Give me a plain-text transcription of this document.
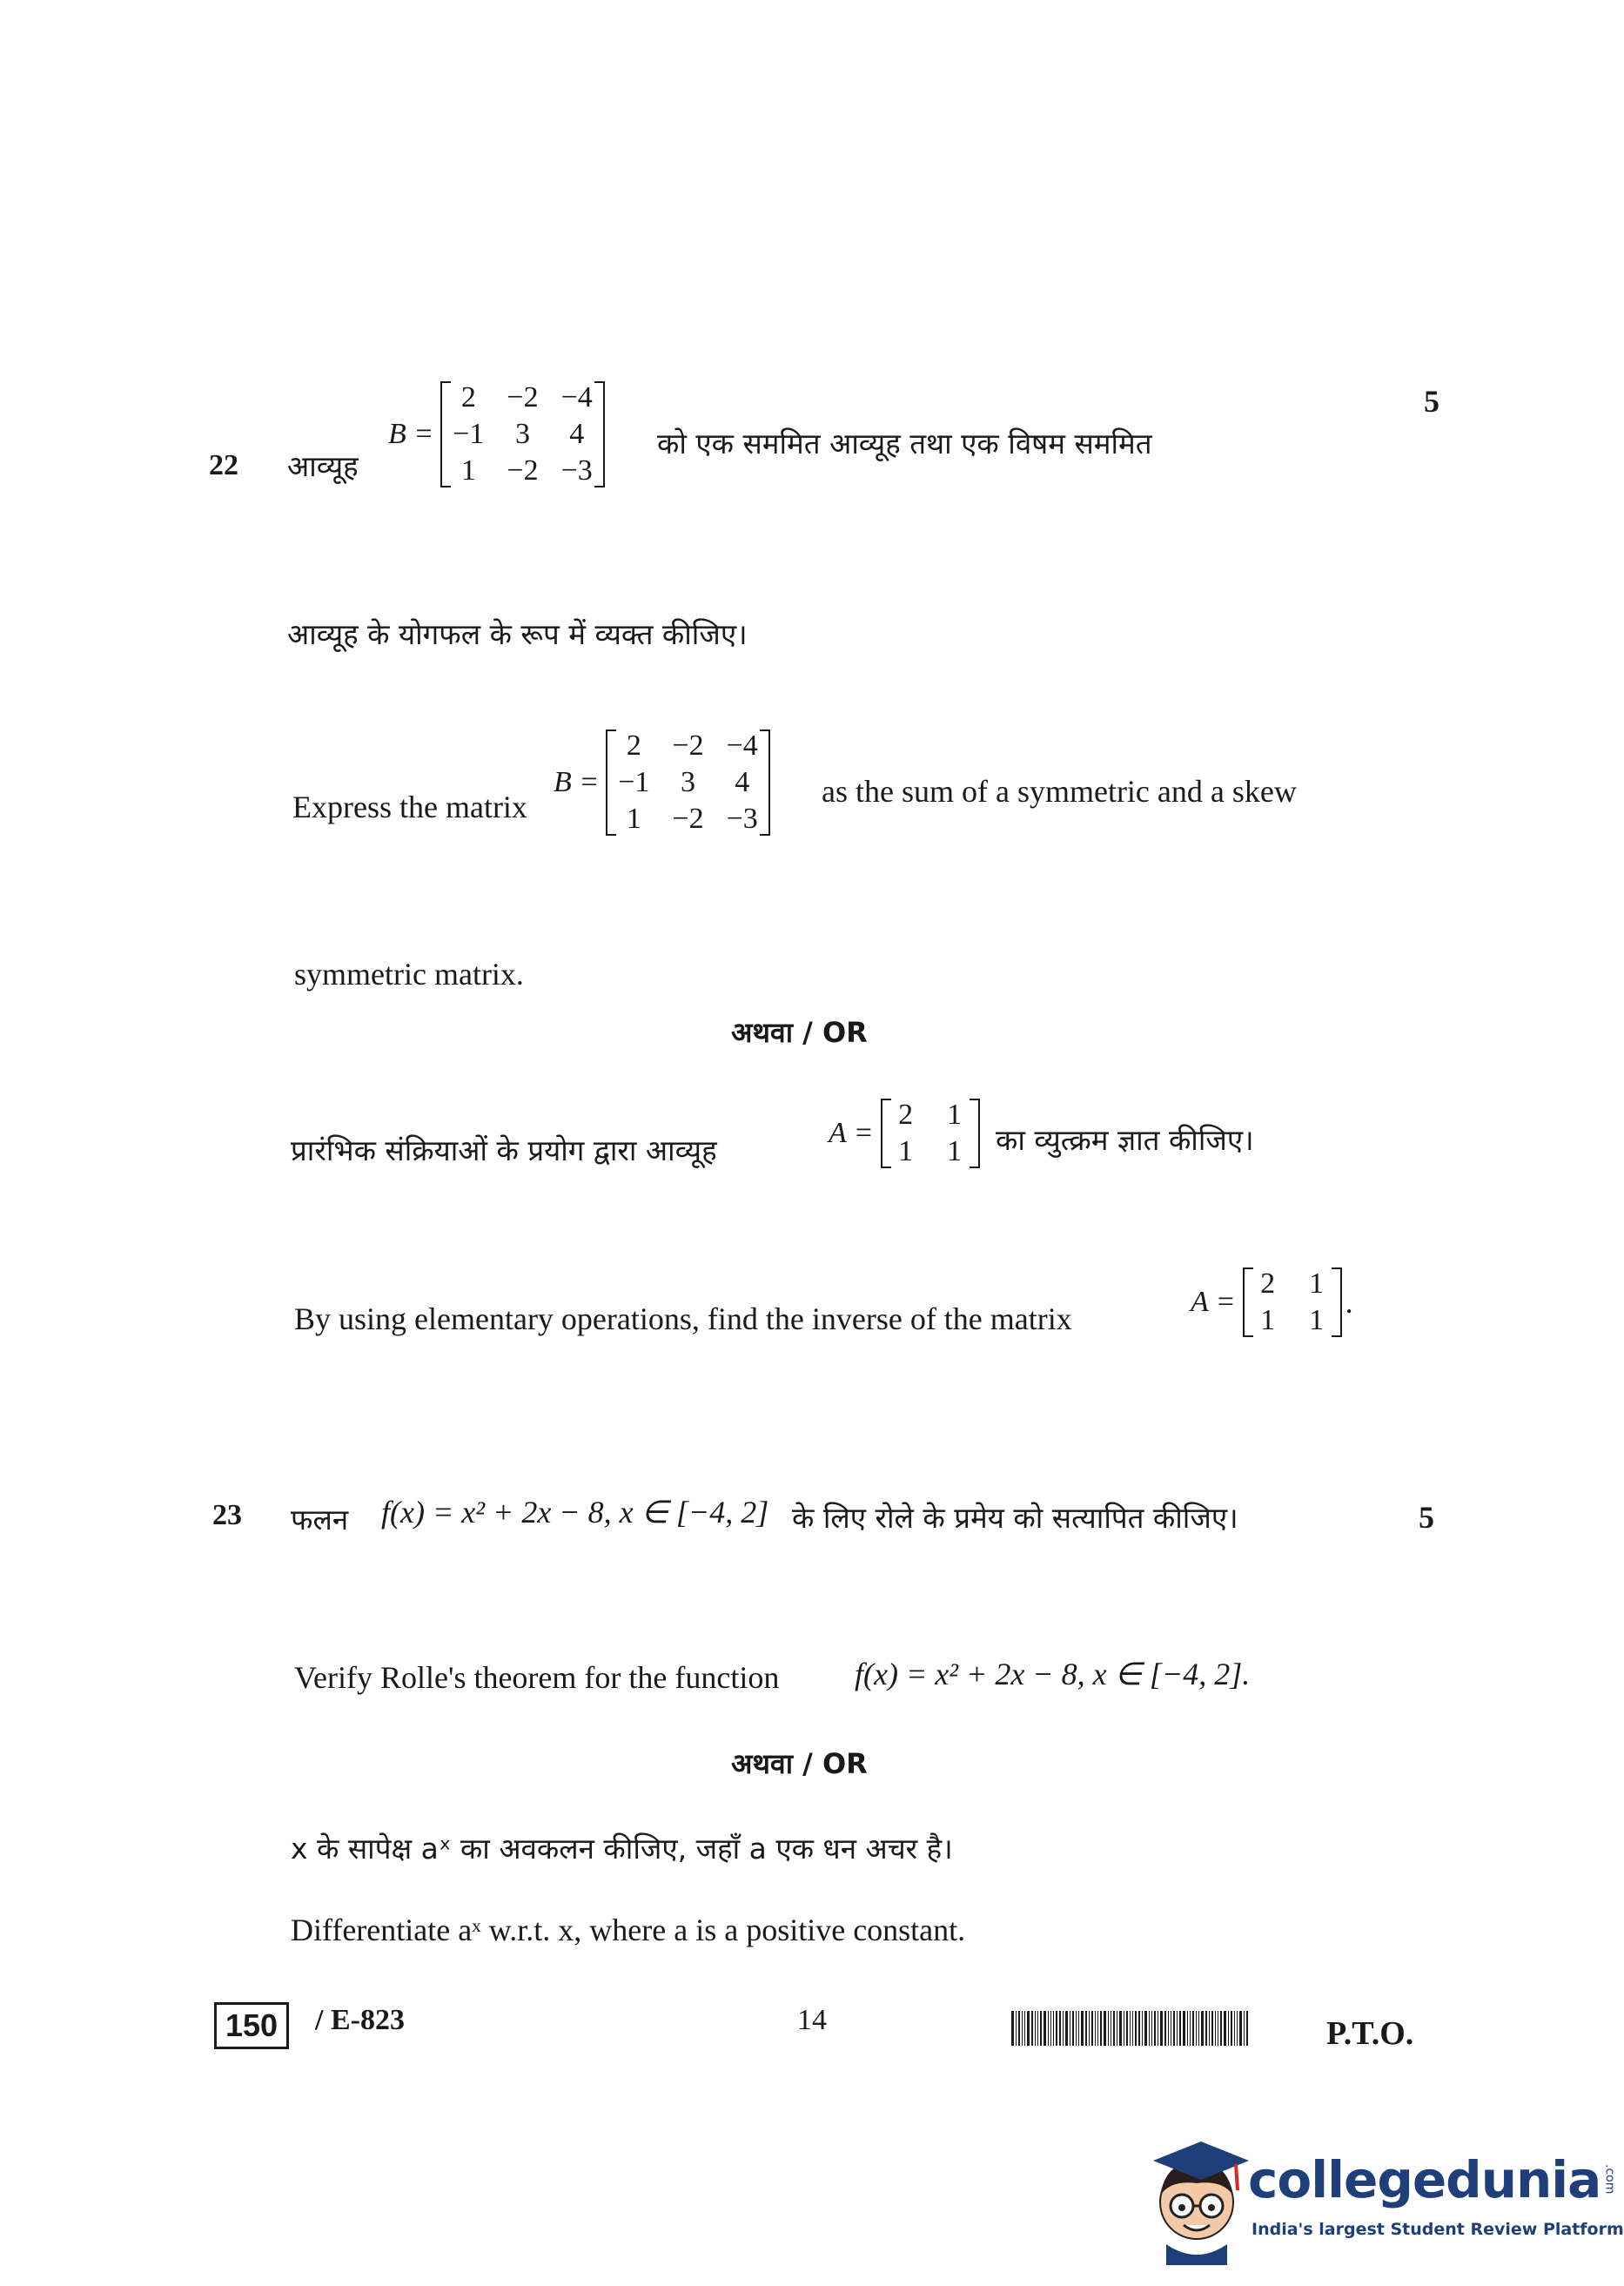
22
5
आव्यूह
B =
2 −2 −4
−1 3 4
1 −2 −3
को एक सममित आव्यूह तथा एक विषम सममित
आव्यूह के योगफल के रूप में व्यक्त कीजिए।
Express the matrix
B =
2 −2 −4
−1 3 4
1 −2 −3
as the sum of a symmetric and a skew
symmetric matrix.
अथवा / OR
प्रारंभिक संक्रियाओं के प्रयोग द्वारा आव्यूह
A =
2 1
1 1 का व्युत्क्रम ज्ञात कीजिए।
By using elementary operations, find the inverse of the matrix	A =
2 1
1 1
.
23	5
फलन f(x) = x² + 2x − 8, x ∈ [−4, 2] के लिए रोले के प्रमेय को सत्यापित कीजिए।
Verify Rolle's theorem for the function f(x) = x² + 2x − 8, x ∈ [−4, 2].
अथवा / OR
x के सापेक्ष aˣ का अवकलन कीजिए, जहाँ a एक धन अचर है।
Differentiate aˣ w.r.t. x, where a is a positive constant.
150	/ E-823	14	P.T.O.
collegedunia .com
India's largest Student Review Platform
